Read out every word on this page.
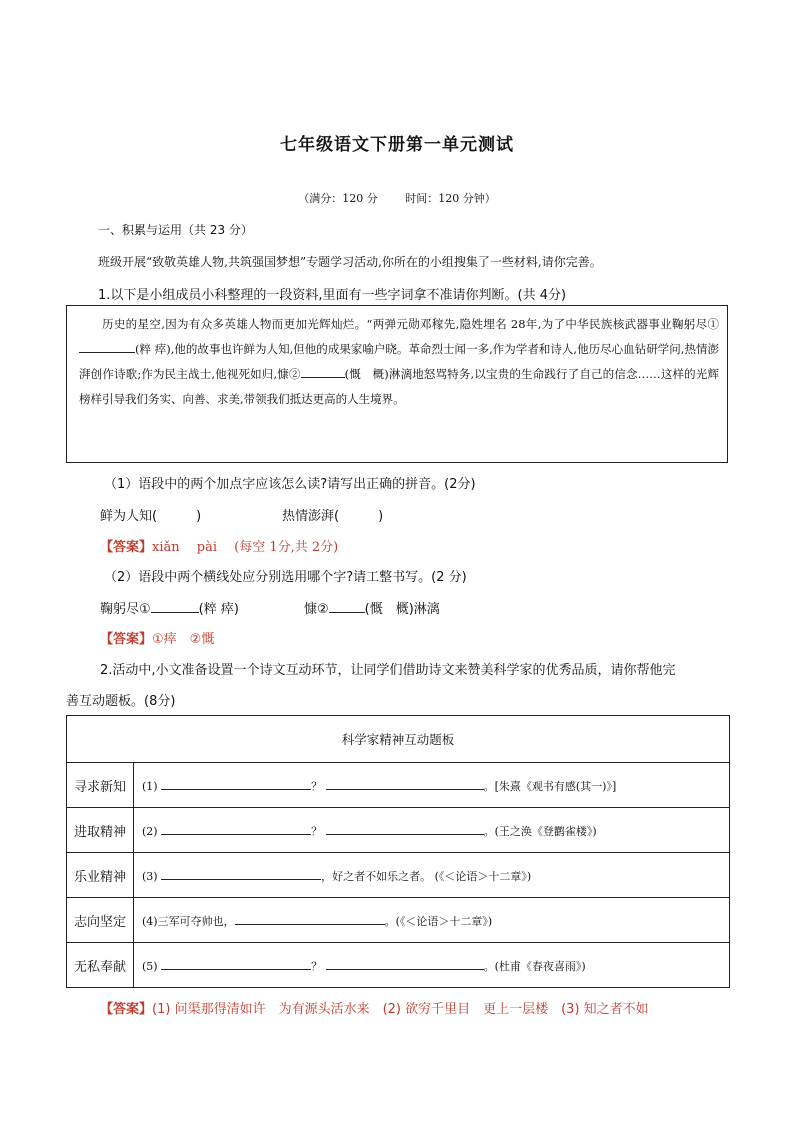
七年级语文下册第一单元测试
（满分：120 分	时间：120 分钟）
一、积累与运用（共 23 分）
班级开展“致敬英雄人物,共筑强国梦想”专题学习活动,你所在的小组搜集了一些材料,请你完善。
1.以下是小组成员小科整理的一段资料,里面有一些字词拿不准请你判断。(共 4分)

历史的星空,因为有众多英雄人物而更加光辉灿烂。“两弹元勋邓稼先,隐姓埋名 28年,为了中华民族核武器事业鞠躬尽①(粹 瘁),他的故事也许鲜为人知,但他的成果家喻户晓。革命烈士闻一多,作为学者和诗人,他历尽心血钻研学问,热情澎湃创作诗歌;作为民主战士,他视死如归,慷②	(慨　概)淋漓地怒骂特务,以宝贵的生命践行了自己的信念……这样的光辉榜样引导我们务实、向善、求美,带领我们抵达更高的人生境界。

（1）语段中的两个加点字应该怎么读?请写出正确的拼音。(2分)
鲜为人知(　　　)	热情澎湃(　　　)
【答案】xiǎn　 pài　 (每空 1分,共 2分)
（2）语段中两个横线处应分别选用哪个字?请工整书写。(2 分)
鞠躬尽①	(粹 瘁)	慷②	(慨　概)淋漓
【答案】①瘁　②慨
2.活动中,小文准备设置一个诗文互动环节，让同学们借助诗文来赞美科学家的优秀品质，请你帮他完
善互动题板。(8分)
科学家精神互动题板	
寻求新知	(1) ？ 。[朱熹《观书有感(其一)》]
进取精神	(2) ？ 。(王之涣《登鹳雀楼》)
乐业精神	(3) ，好之者不如乐之者。 (《＜论语＞十二章》)
志向坚定	(4)三军可夺帅也， 。(《＜论语＞十二章》)
无私奉献	(5) ？ 。(杜甫《春夜喜雨》)
【答案】(1) 问渠那得清如许　为有源头活水来　(2) 欲穷千里目　更上一层楼　(3) 知之者不如
